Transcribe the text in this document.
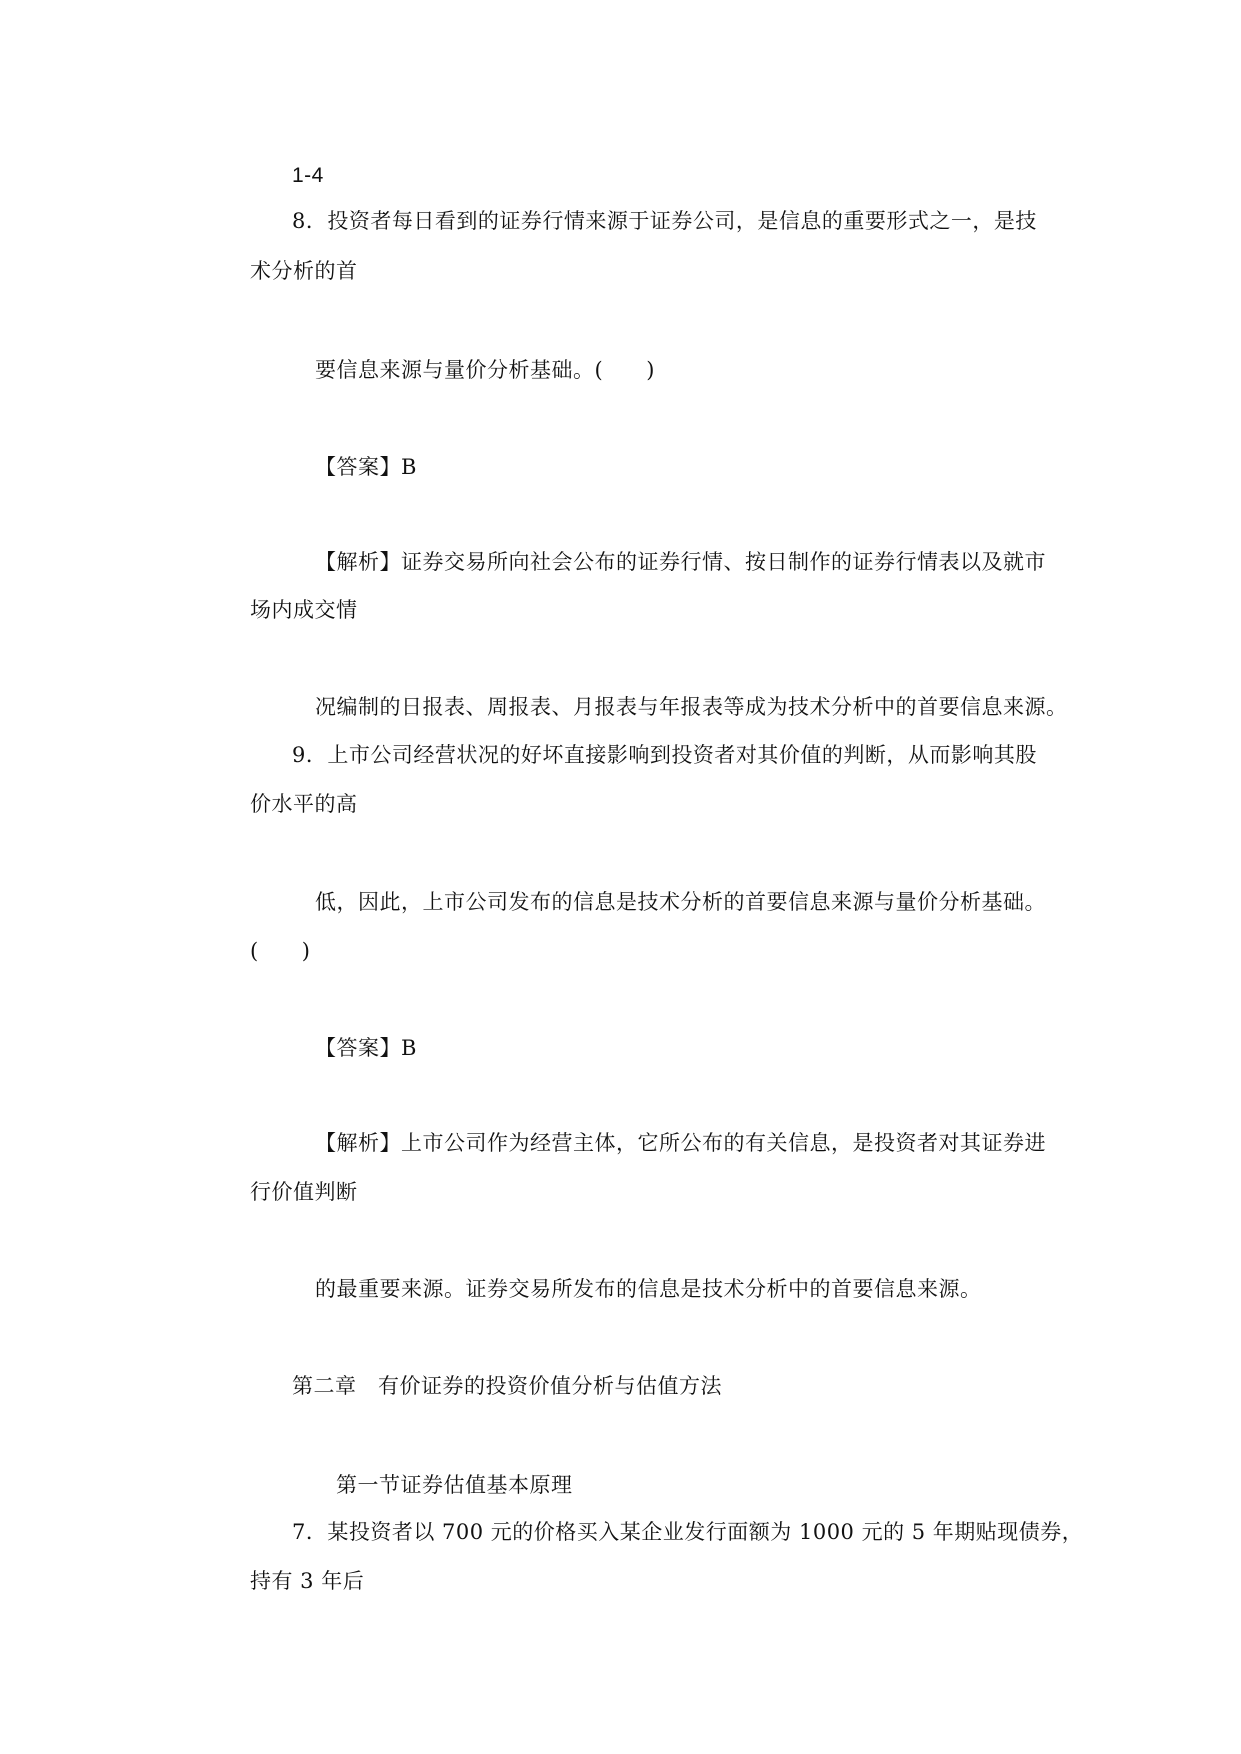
1-4
8．投资者每日看到的证券行情来源于证券公司，是信息的重要形式之一，是技
术分析的首
要信息来源与量价分析基础。(　　)
【答案】B
【解析】证券交易所向社会公布的证券行情、按日制作的证券行情表以及就市
场内成交情
况编制的日报表、周报表、月报表与年报表等成为技术分析中的首要信息来源。
9．上市公司经营状况的好坏直接影响到投资者对其价值的判断，从而影响其股
价水平的高
低，因此，上市公司发布的信息是技术分析的首要信息来源与量价分析基础。
(　　)
【答案】B
【解析】上市公司作为经营主体，它所公布的有关信息，是投资者对其证券进
行价值判断
的最重要来源。证券交易所发布的信息是技术分析中的首要信息来源。
第二章　有价证券的投资价值分析与估值方法
第一节证券估值基本原理
7．某投资者以 700 元的价格买入某企业发行面额为 1000 元的 5 年期贴现债券，
持有 3 年后
